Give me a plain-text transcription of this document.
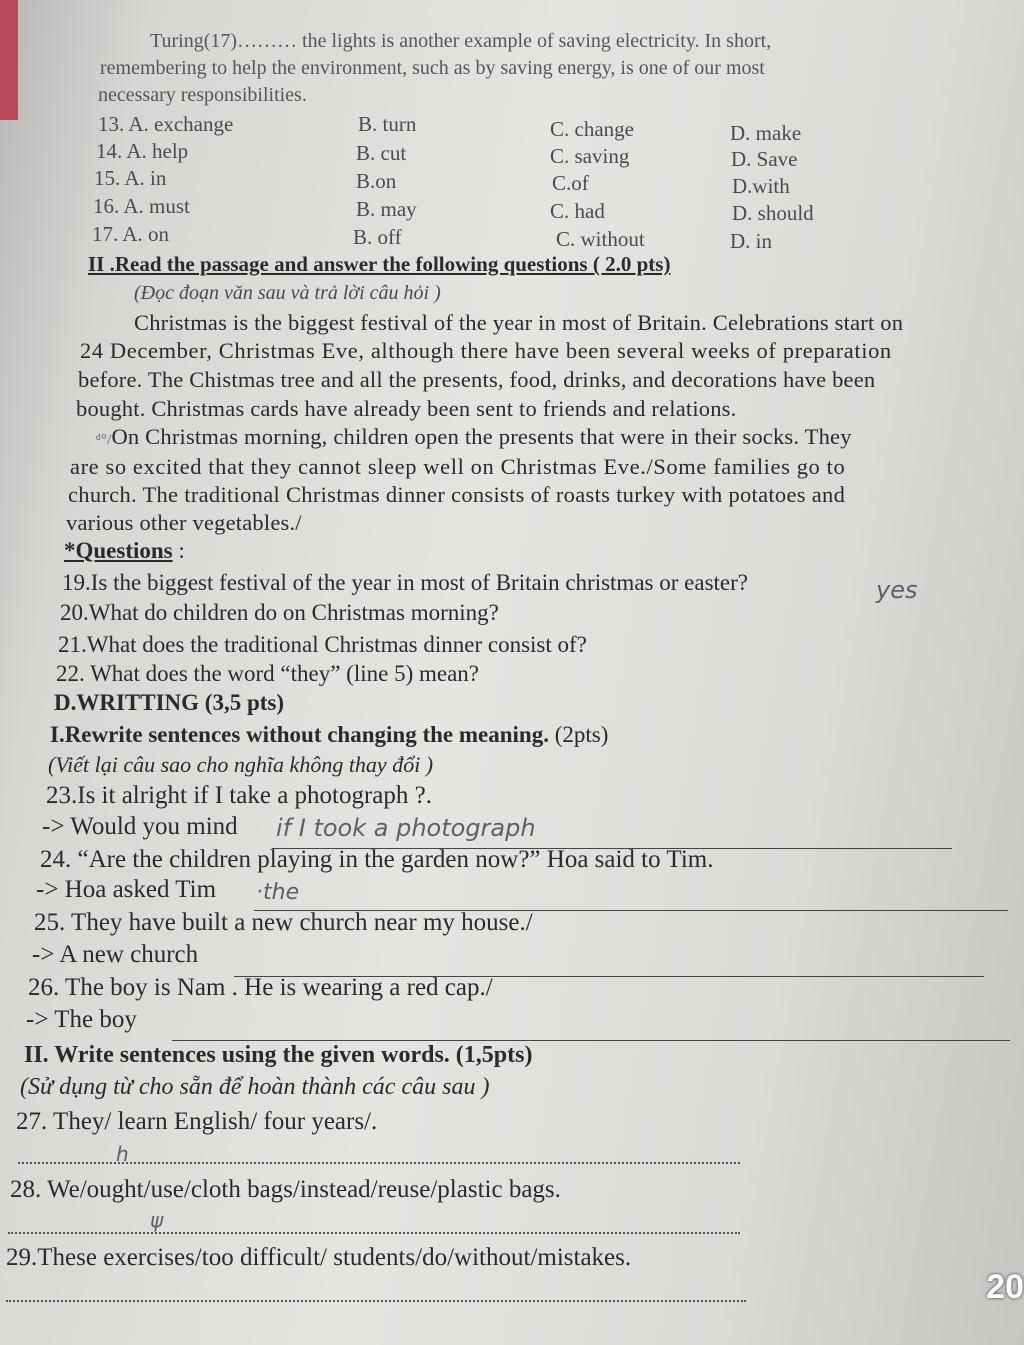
Turing(17)……… the lights is another example of saving electricity. In short,
remembering to help the environment, such as by saving energy, is one of our most
necessary responsibilities.
13. A. exchange	B. turn	C. change	D. make
14. A. help	B. cut	C. saving	D. Save
15. A. in	B.on	C.of	D.with
16. A. must	B. may	C. had	D. should
17. A. on	B. off	C. without	D. in
II .Read the passage and answer the following questions ( 2.0 pts)
(Đọc đoạn văn sau và trả lời câu hỏi )
Christmas is the biggest festival of the year in most of Britain. Celebrations start on
24 December, Christmas Eve, although there have been several weeks of preparation
before. The Chistmas tree and all the presents, food, drinks, and decorations have been
bought. Christmas cards have already been sent to friends and relations.
ᵈ°/On Christmas morning, children open the presents that were in their socks. They
are so excited that they cannot sleep well on Christmas Eve./Some families go to
church. The traditional Christmas dinner consists of roasts turkey with potatoes and
various other vegetables./
*Questions :
19.Is the biggest festival of the year in most of Britain christmas or easter?	yes
20.What do children do on Christmas morning?
21.What does the traditional Christmas dinner consist of?
22. What does the word “they” (line 5) mean?
D.WRITTING (3,5 pts)
I.Rewrite sentences without changing the meaning. (2pts)
(Viết lại câu sao cho nghĩa không thay đổi )
23.Is it alright if I take a photograph ?.
-> Would you mind if I took a photograph
24. “Are the children playing in the garden now?” Hoa said to Tim.
-> Hoa asked Tim ·the
25. They have built a new church near my house./
-> A new church
26. The boy is Nam . He is wearing a red cap./
-> The boy
II. Write sentences using the given words. (1,5pts)
(Sử dụng từ cho sẵn để hoàn thành các câu sau )
27. They/ learn English/ four years/.
h
28. We/ought/use/cloth bags/instead/reuse/plastic bags.
ψ
29.These exercises/too difficult/ students/do/without/mistakes.
20
